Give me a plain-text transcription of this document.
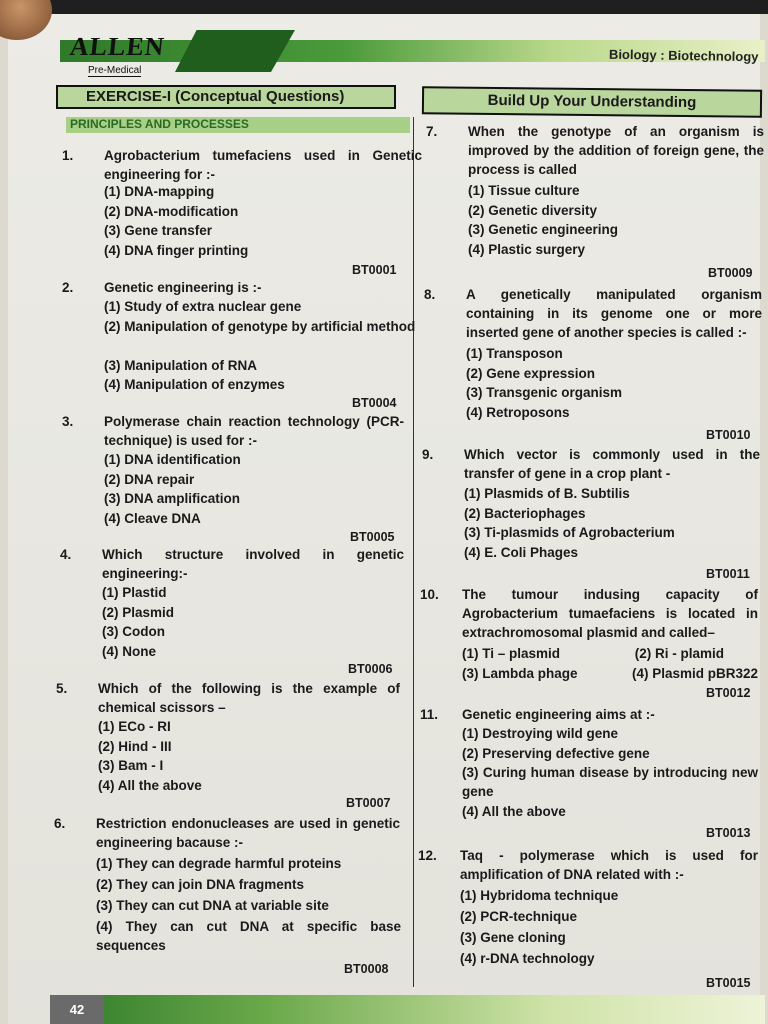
ALLEN
Pre-Medical
Biology : Biotechnology
EXERCISE-I (Conceptual Questions)	Build Up Your Understanding
PRINCIPLES AND PROCESSES
1. Agrobacterium tumefaciens used in Genetic engineering for :-
(1) DNA-mapping
(2) DNA-modification
(3) Gene transfer
(4) DNA finger printing
BT0001
2. Genetic engineering is :-
(1) Study of extra nuclear gene
(2) Manipulation of genotype by artificial method
(3) Manipulation of RNA
(4) Manipulation of enzymes
BT0004
3. Polymerase chain reaction technology (PCR-technique) is used for :-
(1) DNA identification
(2) DNA repair
(3) DNA amplification
(4) Cleave DNA
BT0005
4. Which structure involved in genetic engineering:-
(1) Plastid
(2) Plasmid
(3) Codon
(4) None
BT0006
5. Which of the following is the example of chemical scissors –
(1) ECo - RI
(2) Hind - III
(3) Bam - I
(4) All the above
BT0007
6. Restriction endonucleases are used in genetic engineering bacause :-
(1) They can degrade harmful proteins
(2) They can join DNA fragments
(3) They can cut DNA at variable site
(4) They can cut DNA at specific base sequences
BT0008
7. When the genotype of an organism is improved by the addition of foreign gene, the process is called
(1) Tissue culture
(2) Genetic diversity
(3) Genetic engineering
(4) Plastic surgery
BT0009
8. A genetically manipulated organism containing in its genome one or more inserted gene of another species is called :-
(1) Transposon
(2) Gene expression
(3) Transgenic organism
(4) Retroposons
BT0010
9. Which vector is commonly used in the transfer of gene in a crop plant -
(1) Plasmids of B. Subtilis
(2) Bacteriophages
(3) Ti-plasmids of Agrobacterium
(4) E. Coli Phages
BT0011
10. The tumour indusing capacity of Agrobacterium tumaefaciens is located in extrachromosomal plasmid and called–
(1) Ti – plasmid	(2) Ri - plamid
(3) Lambda phage	(4) Plasmid pBR322
BT0012
11. Genetic engineering aims at :-
(1) Destroying wild gene
(2) Preserving defective gene
(3) Curing human disease by introducing new gene
(4) All the above
BT0013
12. Taq - polymerase which is used for amplification of DNA related with :-
(1) Hybridoma technique
(2) PCR-technique
(3) Gene cloning
(4) r-DNA technology
BT0015
42
